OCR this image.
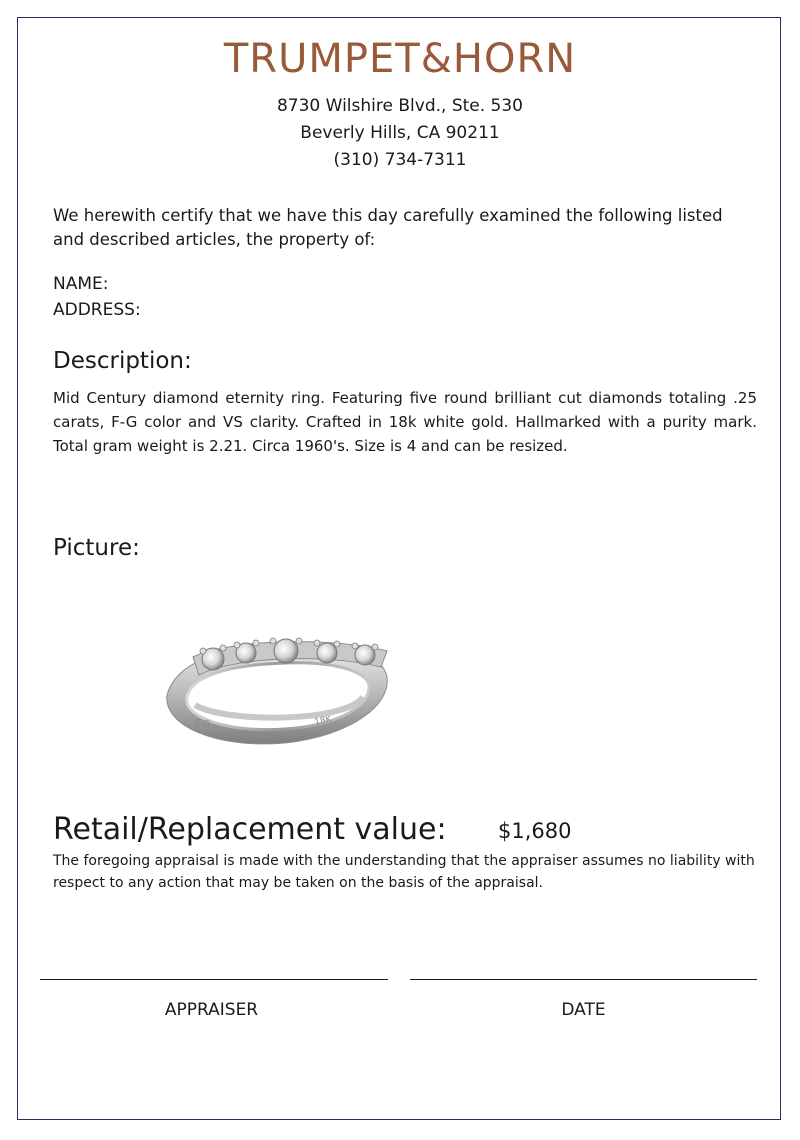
TRUMPET&HORN
8730 Wilshire Blvd., Ste. 530
Beverly Hills, CA 90211
(310) 734-7311
We herewith certify that we have this day carefully examined the following listed and described articles, the property of:
NAME:
ADDRESS:
Description:
Mid Century diamond eternity ring. Featuring five round brilliant cut diamonds totaling .25 carats, F-G color and VS clarity. Crafted in 18k white gold. Hallmarked with a purity mark. Total gram weight is 2.21. Circa 1960's. Size is 4 and can be resized.
Picture:
F·G	18K
Retail/Replacement value: $1,680
The foregoing appraisal is made with the understanding that the appraiser assumes no liability with respect to any action that may be taken on the basis of the appraisal.
APPRAISER	DATE
